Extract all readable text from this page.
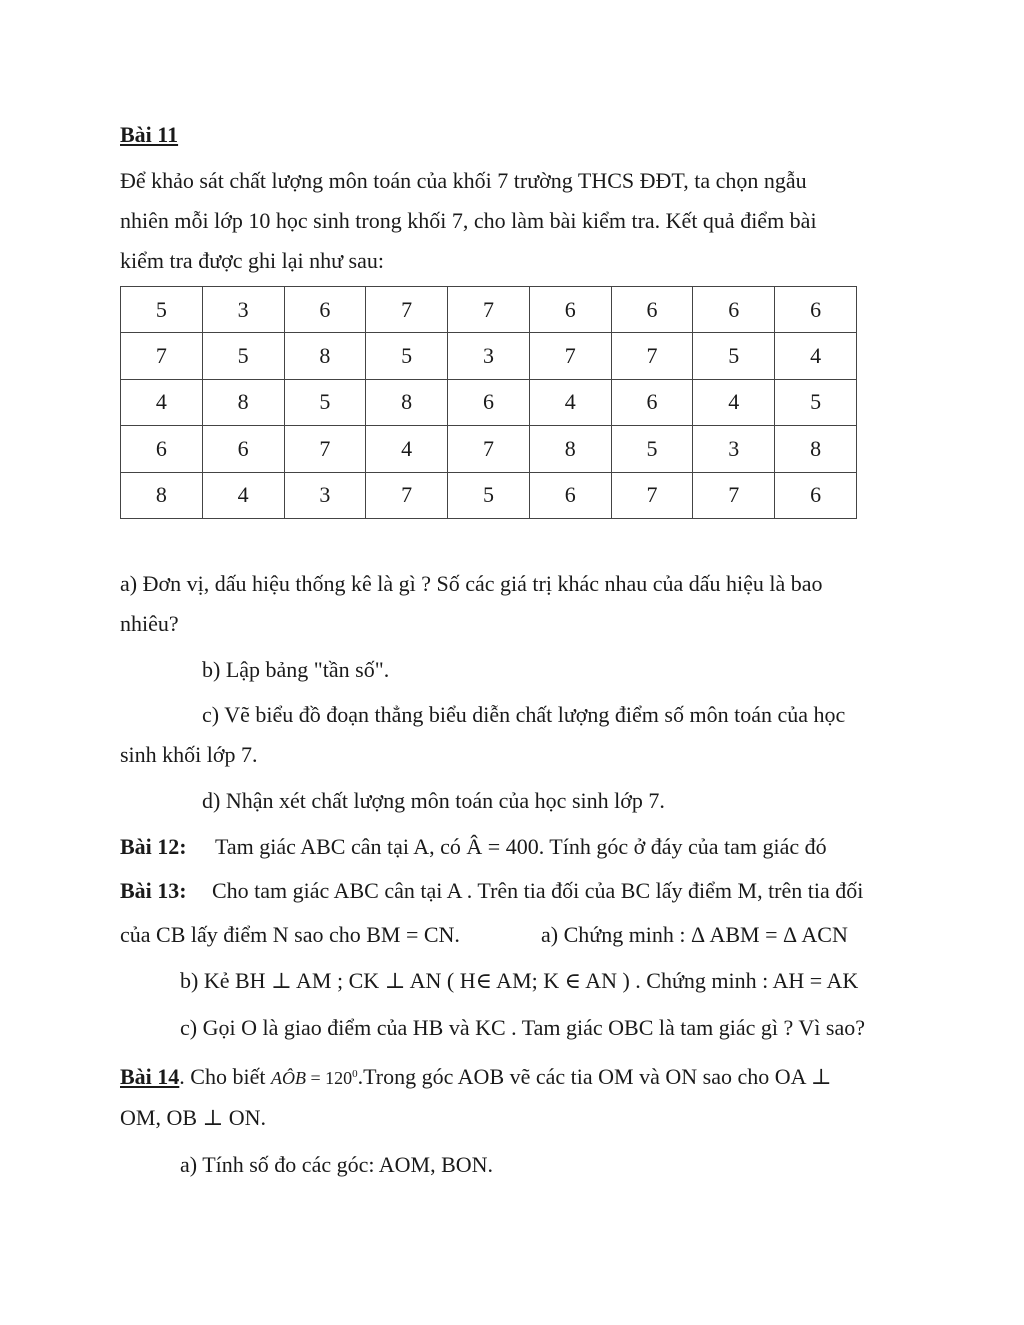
Bài 11
Để khảo sát chất lượng môn toán của khối 7 trường THCS ĐĐT, ta chọn ngẫu
nhiên mỗi lớp 10 học sinh trong khối 7, cho làm bài kiểm tra. Kết quả điểm bài
kiểm tra được ghi lại như sau:
5	3	6	7	7	6	6	6	6
7	5	8	5	3	7	7	5	4
4	8	5	8	6	4	6	4	5
6	6	7	4	7	8	5	3	8
8	4	3	7	5	6	7	7	6
a) Đơn vị, dấu hiệu thống kê là gì ? Số các giá trị khác nhau của dấu hiệu là bao
nhiêu?
b) Lập bảng "tần số".
c) Vẽ biểu đồ đoạn thẳng biểu diễn chất lượng điểm số môn toán của học
sinh khối lớp 7.
d) Nhận xét chất lượng môn toán của học sinh lớp 7.
Bài 12: Tam giác ABC cân tại A, có Â = 400. Tính góc ở đáy của tam giác đó
Bài 13: Cho tam giác ABC cân tại A . Trên tia đối của BC lấy điểm M, trên tia đối
của CB lấy điểm N sao cho BM = CN.	a) Chứng minh : Δ ABM = Δ ACN
b) Kẻ BH ⊥ AM ; CK ⊥ AN ( H∈ AM; K ∈ AN ) . Chứng minh : AH = AK
c) Gọi O là giao điểm của HB và KC . Tam giác OBC là tam giác gì ? Vì sao?
Bài 14. Cho biết AÔB = $120^0.Trong$ góc AOB vẽ các tia OM và ON sao cho OA ⊥
OM, OB ⊥ ON.
a) Tính số đo các góc: AOM, BON.
